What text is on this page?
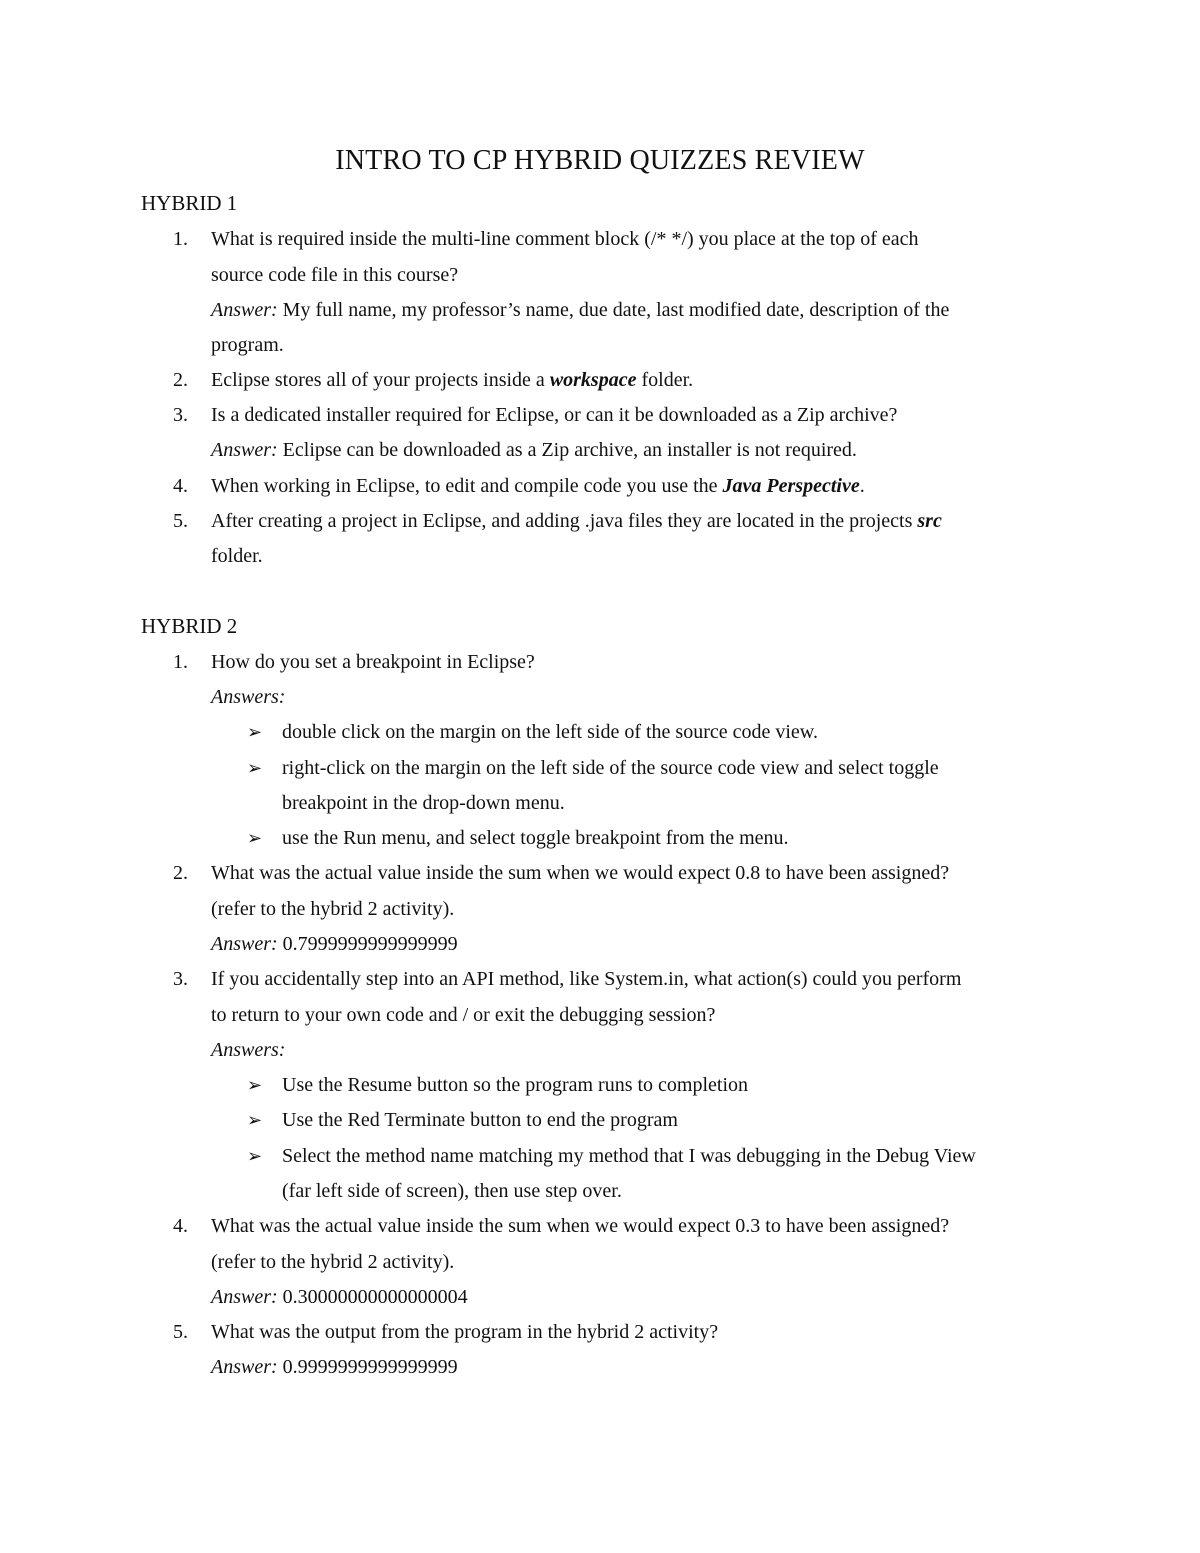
INTRO TO CP HYBRID QUIZZES REVIEW
HYBRID 1
1.	What is required inside the multi-line comment block (/* */) you place at the top of each
source code file in this course?
Answer: My full name, my professor’s name, due date, last modified date, description of the
program.
2.	Eclipse stores all of your projects inside a workspace folder.
3.	Is a dedicated installer required for Eclipse, or can it be downloaded as a Zip archive?
Answer: Eclipse can be downloaded as a Zip archive, an installer is not required.
4.	When working in Eclipse, to edit and compile code you use the Java Perspective.
5.	After creating a project in Eclipse, and adding .java files they are located in the projects src
folder.
HYBRID 2
1.	How do you set a breakpoint in Eclipse?
Answers:
➢ double click on the margin on the left side of the source code view.
➢ right-click on the margin on the left side of the source code view and select toggle
breakpoint in the drop-down menu.
➢ use the Run menu, and select toggle breakpoint from the menu.
2.	What was the actual value inside the sum when we would expect 0.8 to have been assigned?
(refer to the hybrid 2 activity).
Answer: 0.7999999999999999
3.	If you accidentally step into an API method, like System.in, what action(s) could you perform
to return to your own code and / or exit the debugging session?
Answers:
➢ Use the Resume button so the program runs to completion
➢ Use the Red Terminate button to end the program
➢ Select the method name matching my method that I was debugging in the Debug View
(far left side of screen), then use step over.
4.	What was the actual value inside the sum when we would expect 0.3 to have been assigned?
(refer to the hybrid 2 activity).
Answer: 0.30000000000000004
5.	What was the output from the program in the hybrid 2 activity?
Answer: 0.9999999999999999
